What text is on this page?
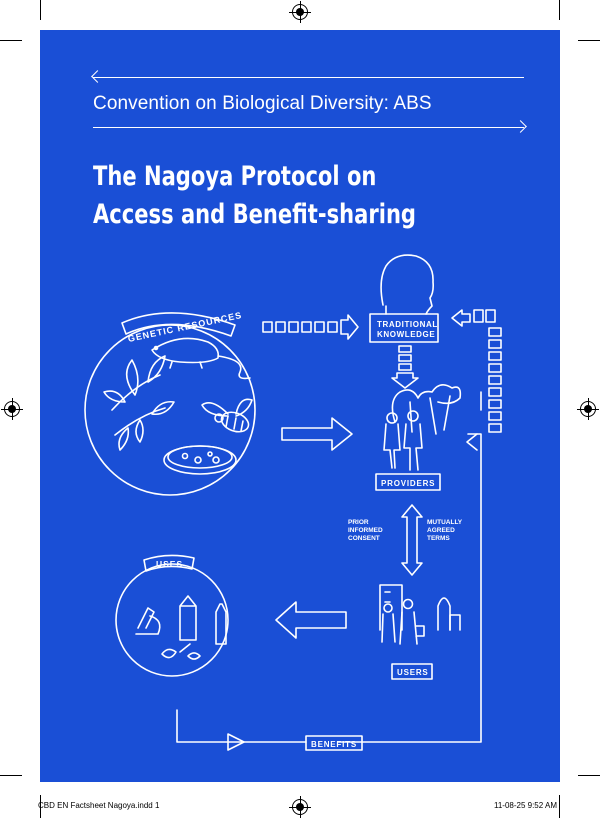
Convention on Biological Diversity: ABS
The Nagoya Protocol on
Access and Benefit-sharing
GENETIC RESOURCES	TRADITIONAL
KNOWLEDGE
PROVIDERS
PRIOR
INFORMED
CONSENT
MUTUALLY
AGREED
TERMS
USERS
USES
BENEFITS
CBD EN Factsheet Nagoya.indd 1	11-08-25 9:52 AM
